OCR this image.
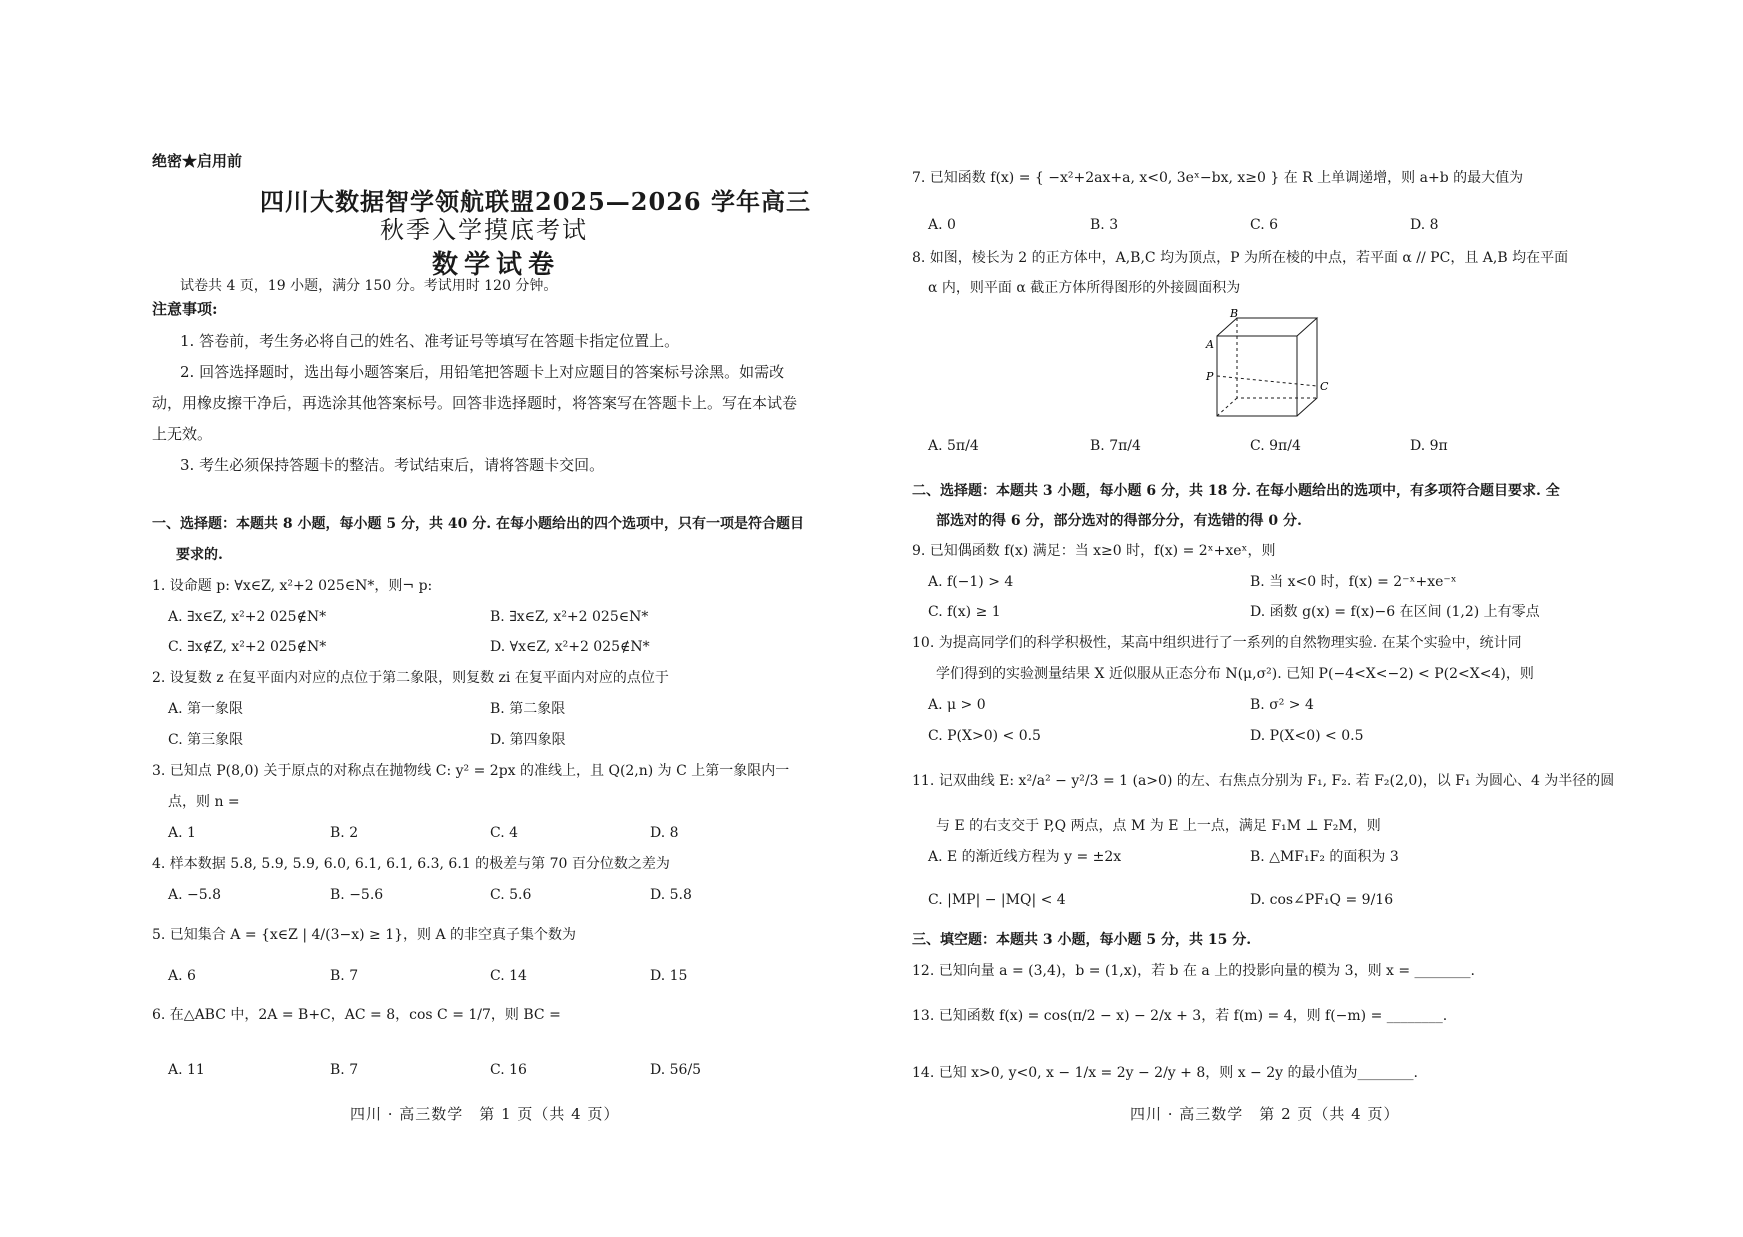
绝密★启用前
四川大数据智学领航联盟2025—2026 学年高三
秋季入学摸底考试
数学试卷
试卷共 4 页，19 小题，满分 150 分。考试用时 120 分钟。
注意事项:
1. 答卷前，考生务必将自己的姓名、准考证号等填写在答题卡指定位置上。
2. 回答选择题时，选出每小题答案后，用铅笔把答题卡上对应题目的答案标号涂黑。如需改
动，用橡皮擦干净后，再选涂其他答案标号。回答非选择题时，将答案写在答题卡上。写在本试卷
上无效。
3. 考生必须保持答题卡的整洁。考试结束后，请将答题卡交回。
一、选择题：本题共 8 小题，每小题 5 分，共 40 分. 在每小题给出的四个选项中，只有一项是符合题目
要求的.
1. 设命题 p: ∀x∈Z, x²+2 025∈N*，则¬ p:
A. ∃x∈Z, x²+2 025∉N*	B. ∃x∈Z, x²+2 025∈N*
C. ∃x∉Z, x²+2 025∉N*	D. ∀x∈Z, x²+2 025∉N*
2. 设复数 z 在复平面内对应的点位于第二象限，则复数 zi 在复平面内对应的点位于
A. 第一象限	B. 第二象限
C. 第三象限	D. 第四象限
3. 已知点 P(8,0) 关于原点的对称点在抛物线 C: y² = 2px 的准线上，且 Q(2,n) 为 C 上第一象限内一
点，则 n =
A. 1	B. 2	C. 4	D. 8
4. 样本数据 5.8, 5.9, 5.9, 6.0, 6.1, 6.1, 6.3, 6.1 的极差与第 70 百分位数之差为
A. −5.8	B. −5.6	C. 5.6	D. 5.8
5. 已知集合 A = {x∈Z | 4/(3−x) ≥ 1}，则 A 的非空真子集个数为
A. 6	B. 7	C. 14	D. 15
6. 在△ABC 中，2A = B+C，AC = 8，cos C = 1/7，则 BC =
A. 11	B. 7	C. 16	D. 56/5
四川 · 高三数学　第 1 页（共 4 页）
7. 已知函数 f(x) = { −x²+2ax+a, x<0, 3eˣ−bx, x≥0 } 在 R 上单调递增，则 a+b 的最大值为
A. 0	B. 3	C. 6	D. 8
8. 如图，棱长为 2 的正方体中，A,B,C 均为顶点，P 为所在棱的中点，若平面 α // PC，且 A,B 均在平面
α 内，则平面 α 截正方体所得图形的外接圆面积为
B
A
P
C
A. 5π/4	B. 7π/4	C. 9π/4	D. 9π
二、选择题：本题共 3 小题，每小题 6 分，共 18 分. 在每小题给出的选项中，有多项符合题目要求. 全
部选对的得 6 分，部分选对的得部分分，有选错的得 0 分.
9. 已知偶函数 f(x) 满足：当 x≥0 时，f(x) = 2ˣ+xeˣ，则
A. f(−1) > 4	B. 当 x<0 时，f(x) = 2⁻ˣ+xe⁻ˣ
C. f(x) ≥ 1	D. 函数 g(x) = f(x)−6 在区间 (1,2) 上有零点
10. 为提高同学们的科学积极性，某高中组织进行了一系列的自然物理实验. 在某个实验中，统计同
学们得到的实验测量结果 X 近似服从正态分布 N(μ,σ²). 已知 P(−4<X<−2) < P(2<X<4)，则
A. μ > 0	B. σ² > 4
C. P(X>0) < 0.5	D. P(X<0) < 0.5
11. 记双曲线 E: x²/a² − y²/3 = 1 (a>0) 的左、右焦点分别为 F₁, F₂. 若 F₂(2,0)，以 F₁ 为圆心、4 为半径的圆
与 E 的右支交于 P,Q 两点，点 M 为 E 上一点，满足 F₁M ⊥ F₂M，则
A. E 的渐近线方程为 y = ±2x	B. △MF₁F₂ 的面积为 3
C. |MP| − |MQ| < 4	D. cos∠PF₁Q = 9/16
三、填空题：本题共 3 小题，每小题 5 分，共 15 分.
12. 已知向量 a = (3,4)，b = (1,x)，若 b 在 a 上的投影向量的模为 3，则 x = ________.
13. 已知函数 f(x) = cos(π/2 − x) − 2/x + 3，若 f(m) = 4，则 f(−m) = ________.
14. 已知 x>0, y<0, x − 1/x = 2y − 2/y + 8，则 x − 2y 的最小值为________.
四川 · 高三数学　第 2 页（共 4 页）
